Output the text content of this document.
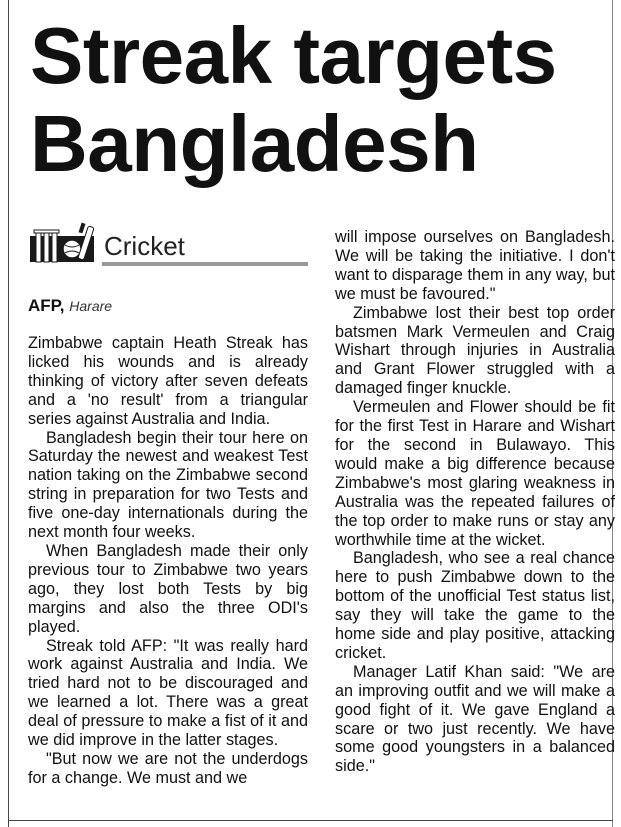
Streak targets
Bangladesh
Cricket
AFP, Harare

Zimbabwe captain Heath Streak has licked his wounds and is already thinking of victory after seven defeats and a 'no result' from a triangular series against Australia and India.

Bangladesh begin their tour here on Saturday the newest and weakest Test nation taking on the Zimbabwe second string in preparation for two Tests and five one-day internationals during the next month four weeks.

When Bangladesh made their only previous tour to Zimbabwe two years ago, they lost both Tests by big margins and also the three ODI's played.

Streak told AFP: "It was really hard work against Australia and India. We tried hard not to be discouraged and we learned a lot. There was a great deal of pressure to make a fist of it and we did improve in the latter stages.

"But now we are not the underdogs for a change. We must and we

will impose ourselves on Bangladesh. We will be taking the initiative. I don't want to disparage them in any way, but we must be favoured."

Zimbabwe lost their best top order batsmen Mark Vermeulen and Craig Wishart through injuries in Australia and Grant Flower struggled with a damaged finger knuckle.

Vermeulen and Flower should be fit for the first Test in Harare and Wishart for the second in Bulawayo. This would make a big difference because Zimbabwe's most glaring weakness in Australia was the repeated failures of the top order to make runs or stay any worthwhile time at the wicket.

Bangladesh, who see a real chance here to push Zimbabwe down to the bottom of the unofficial Test status list, say they will take the game to the home side and play positive, attacking cricket.

Manager Latif Khan said: "We are an improving outfit and we will make a good fight of it. We gave England a scare or two just recently. We have some good youngsters in a balanced side."
